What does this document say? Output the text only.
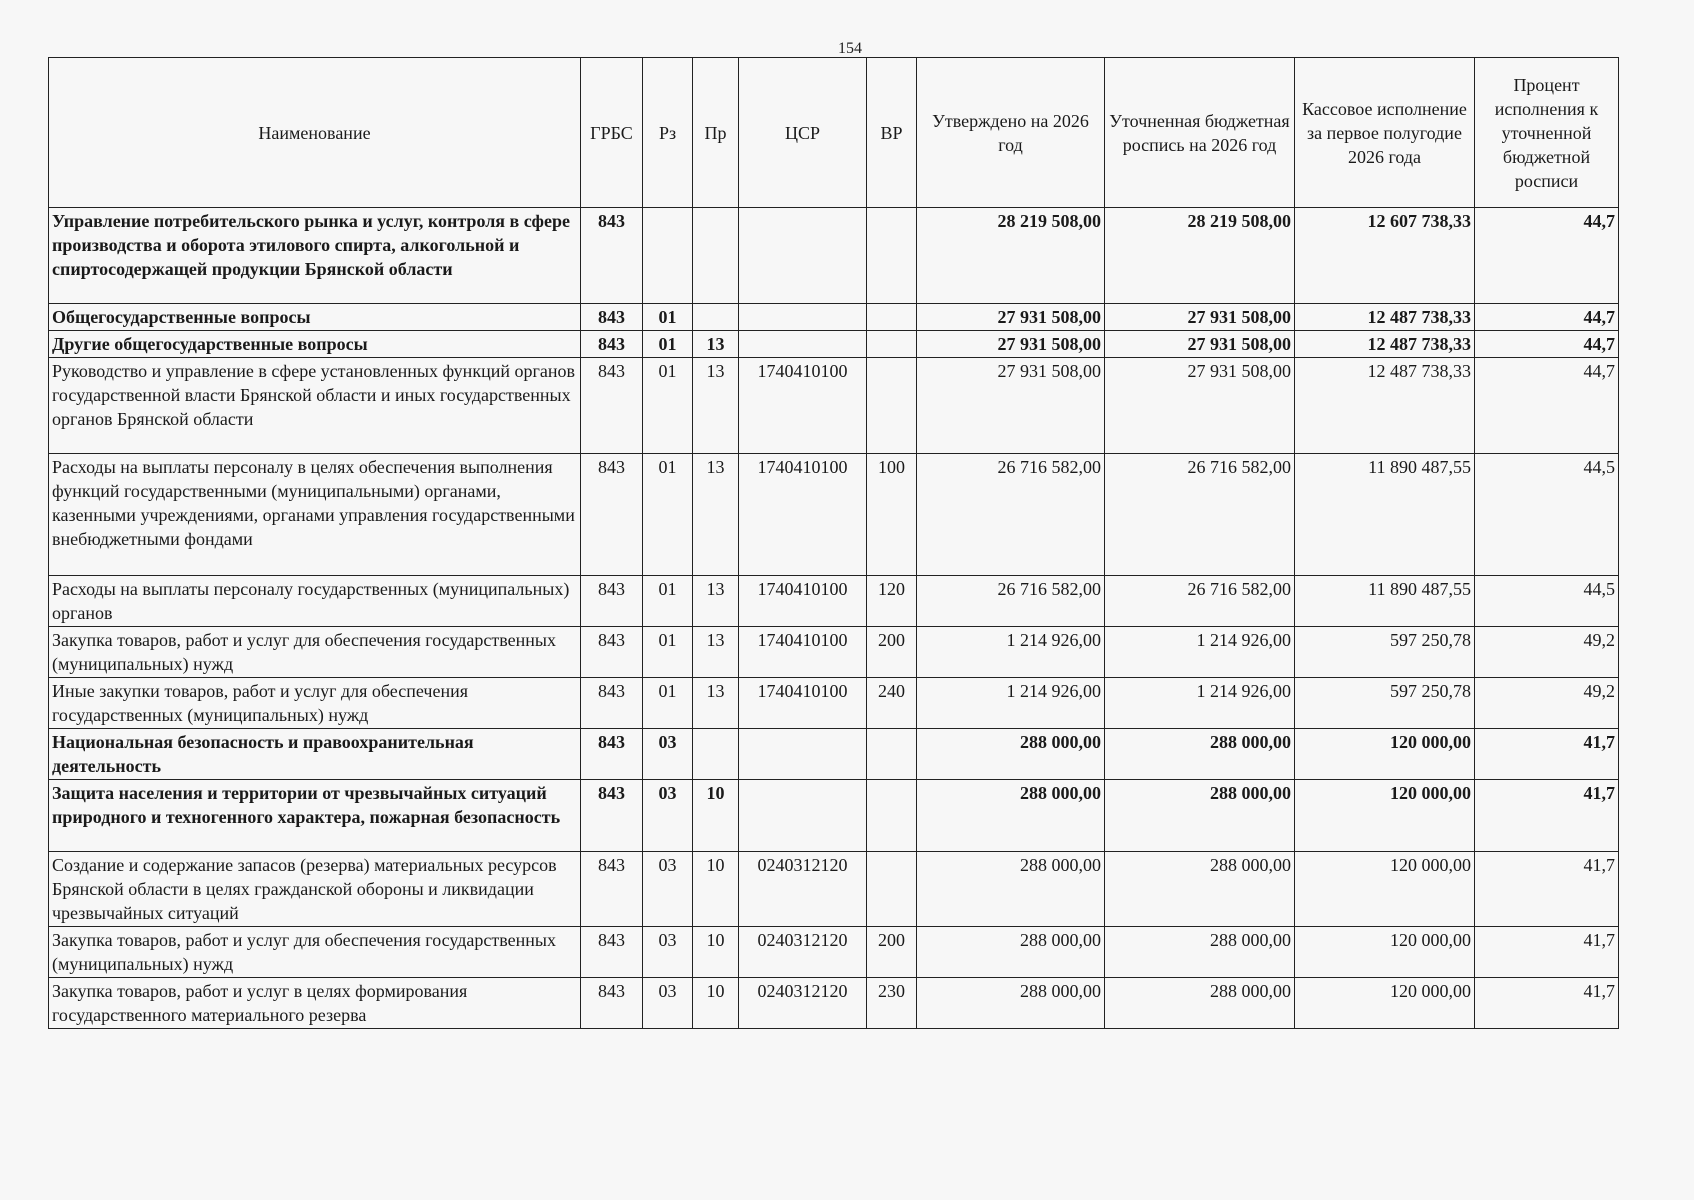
154
Наименование	ГРБС	Рз	Пр	ЦСР	ВР	Утверждено на 2026 год	Уточненная бюджетная роспись на 2026 год	Кассовое исполнение за первое полугодие 2026 года	Процент исполнения к уточненной бюджетной росписи
Управление потребительского рынка и услуг, контроля в сфере производства и оборота этилового спирта, алкогольной и спиртосодержащей продукции Брянской области	843					28 219 508,00	28 219 508,00	12 607 738,33	44,7
Общегосударственные вопросы	843	01				27 931 508,00	27 931 508,00	12 487 738,33	44,7
Другие общегосударственные вопросы	843	01	13			27 931 508,00	27 931 508,00	12 487 738,33	44,7
Руководство и управление в сфере установленных функций органов государственной власти Брянской области и иных государственных органов Брянской области	843	01	13	1740410100		27 931 508,00	27 931 508,00	12 487 738,33	44,7
Расходы на выплаты персоналу в целях обеспечения выполнения функций государственными (муниципальными) органами, казенными учреждениями, органами управления государственными внебюджетными фондами	843	01	13	1740410100	100	26 716 582,00	26 716 582,00	11 890 487,55	44,5
Расходы на выплаты персоналу государственных (муниципальных) органов	843	01	13	1740410100	120	26 716 582,00	26 716 582,00	11 890 487,55	44,5
Закупка товаров, работ и услуг для обеспечения государственных (муниципальных) нужд	843	01	13	1740410100	200	1 214 926,00	1 214 926,00	597 250,78	49,2
Иные закупки товаров, работ и услуг для обеспечения государственных (муниципальных) нужд	843	01	13	1740410100	240	1 214 926,00	1 214 926,00	597 250,78	49,2
Национальная безопасность и правоохранительная деятельность	843	03				288 000,00	288 000,00	120 000,00	41,7
Защита населения и территории от чрезвычайных ситуаций природного и техногенного характера, пожарная безопасность	843	03	10			288 000,00	288 000,00	120 000,00	41,7
Создание и содержание запасов (резерва) материальных ресурсов Брянской области в целях гражданской обороны и ликвидации чрезвычайных ситуаций	843	03	10	0240312120		288 000,00	288 000,00	120 000,00	41,7
Закупка товаров, работ и услуг для обеспечения государственных (муниципальных) нужд	843	03	10	0240312120	200	288 000,00	288 000,00	120 000,00	41,7
Закупка товаров, работ и услуг в целях формирования государственного материального резерва	843	03	10	0240312120	230	288 000,00	288 000,00	120 000,00	41,7
